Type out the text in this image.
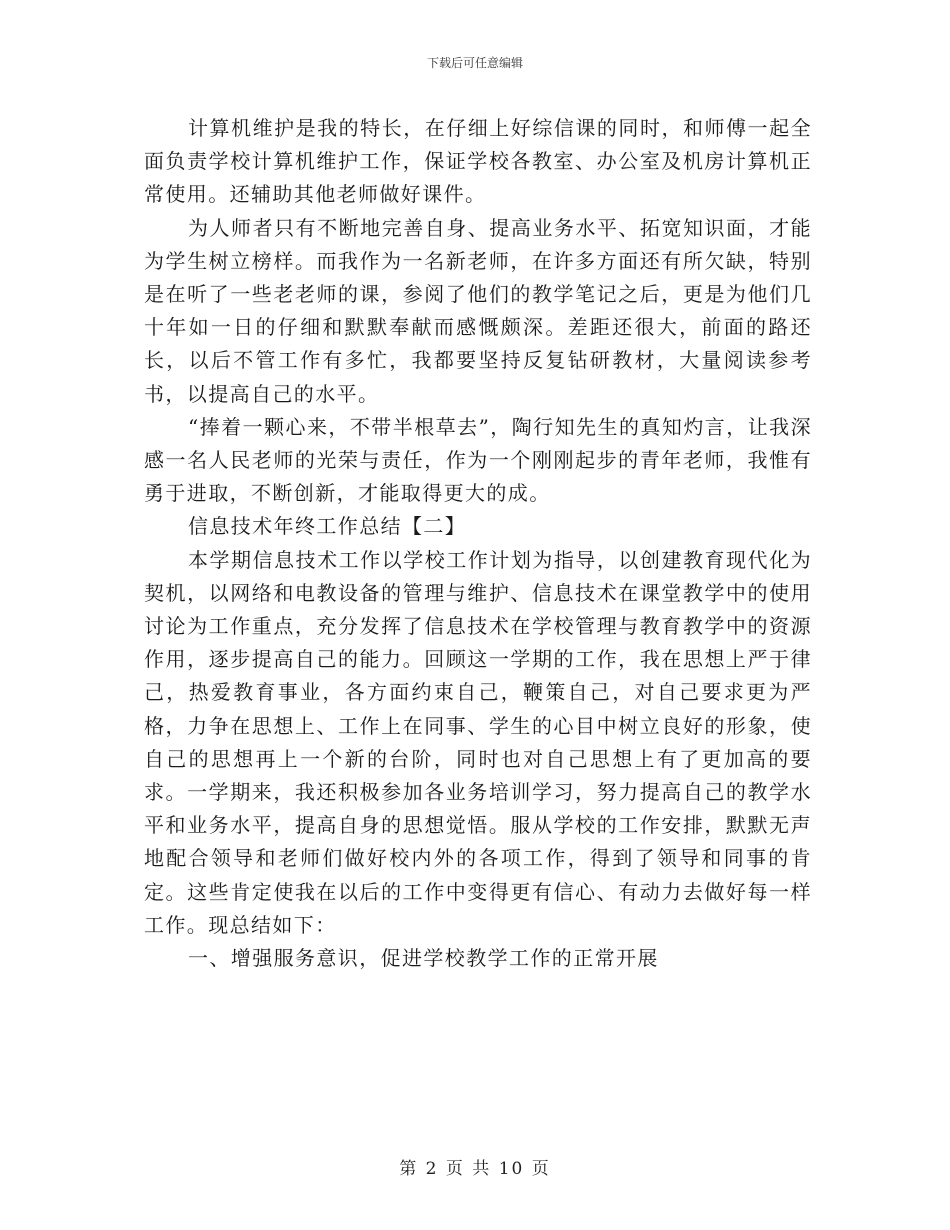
下载后可任意编辑

计算机维护是我的特长，在仔细上好综信课的同时，和师傅一起全面负责学校计算机维护工作，保证学校各教室、办公室及机房计算机正常使用。还辅助其他老师做好课件。

为人师者只有不断地完善自身、提高业务水平、拓宽知识面，才能为学生树立榜样。而我作为一名新老师，在许多方面还有所欠缺，特别是在听了一些老老师的课，参阅了他们的教学笔记之后，更是为他们几十年如一日的仔细和默默奉献而感慨颇深。差距还很大，前面的路还长，以后不管工作有多忙，我都要坚持反复钻研教材，大量阅读参考书，以提高自己的水平。

“捧着一颗心来，不带半根草去”，陶行知先生的真知灼言，让我深感一名人民老师的光荣与责任，作为一个刚刚起步的青年老师，我惟有勇于进取，不断创新，才能取得更大的成。

信息技术年终工作总结【二】

本学期信息技术工作以学校工作计划为指导，以创建教育现代化为契机，以网络和电教设备的管理与维护、信息技术在课堂教学中的使用讨论为工作重点，充分发挥了信息技术在学校管理与教育教学中的资源作用，逐步提高自己的能力。回顾这一学期的工作，我在思想上严于律己，热爱教育事业，各方面约束自己，鞭策自己，对自己要求更为严格，力争在思想上、工作上在同事、学生的心目中树立良好的形象，使自己的思想再上一个新的台阶，同时也对自己思想上有了更加高的要求。一学期来，我还积极参加各业务培训学习，努力提高自己的教学水平和业务水平，提高自身的思想觉悟。服从学校的工作安排，默默无声地配合领导和老师们做好校内外的各项工作，得到了领导和同事的肯定。这些肯定使我在以后的工作中变得更有信心、有动力去做好每一样工作。现总结如下：

一、增强服务意识，促进学校教学工作的正常开展

第 2 页 共 10 页
